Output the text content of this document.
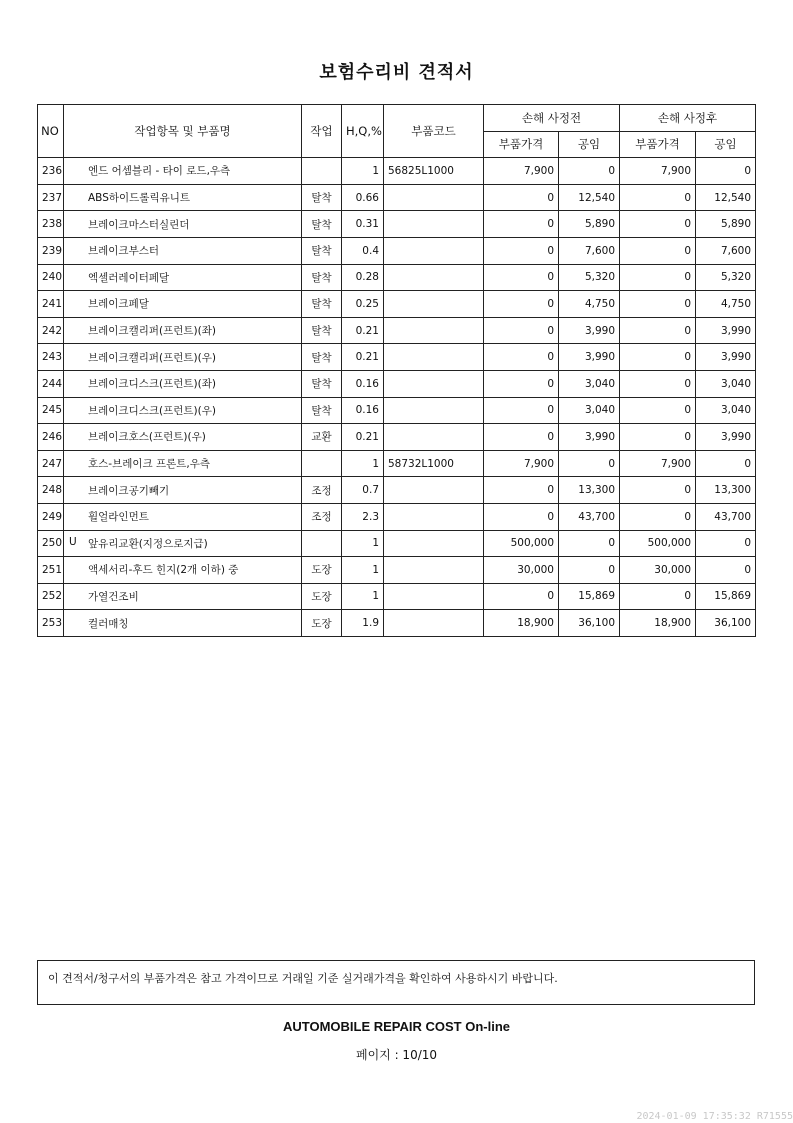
보험수리비 견적서
NO	작업항목 및 부품명	작업	H,Q,%	부품코드	손해 사정전		손해 사정후	
					부품가격	공임	부품가격	공임
236	엔드 어셈블리 - 타이 로드,우측		1	56825L1000	7,900	0	7,900	0
237	ABS하이드롤릭유니트	탈착	0.66		0	12,540	0	12,540
238	브레이크마스터실린더	탈착	0.31		0	5,890	0	5,890
239	브레이크부스터	탈착	0.4		0	7,600	0	7,600
240	엑셀러레이터페달	탈착	0.28		0	5,320	0	5,320
241	브레이크페달	탈착	0.25		0	4,750	0	4,750
242	브레이크캘리퍼(프런트)(좌)	탈착	0.21		0	3,990	0	3,990
243	브레이크캘리퍼(프런트)(우)	탈착	0.21		0	3,990	0	3,990
244	브레이크디스크(프런트)(좌)	탈착	0.16		0	3,040	0	3,040
245	브레이크디스크(프런트)(우)	탈착	0.16		0	3,040	0	3,040
246	브레이크호스(프런트)(우)	교환	0.21		0	3,990	0	3,990
247	호스-브레이크 프론트,우측		1	58732L1000	7,900	0	7,900	0
248	브레이크공기빼기	조정	0.7		0	13,300	0	13,300
249	휠얼라인먼트	조정	2.3		0	43,700	0	43,700
250	U 앞유리교환(지정으로지급)		1		500,000	0	500,000	0
251	액세서리-후드 힌지(2개 이하) 중	도장	1		30,000	0	30,000	0
252	가열건조비	도장	1		0	15,869	0	15,869
253	컬러매칭	도장	1.9		18,900	36,100	18,900	36,100
이 견적서/청구서의 부품가격은 참고 가격이므로 거래일 기준 실거래가격을 확인하여 사용하시기 바랍니다.
AUTOMOBILE REPAIR COST On-line
페이지 : 10/10
2024-01-09 17:35:32 R71555
